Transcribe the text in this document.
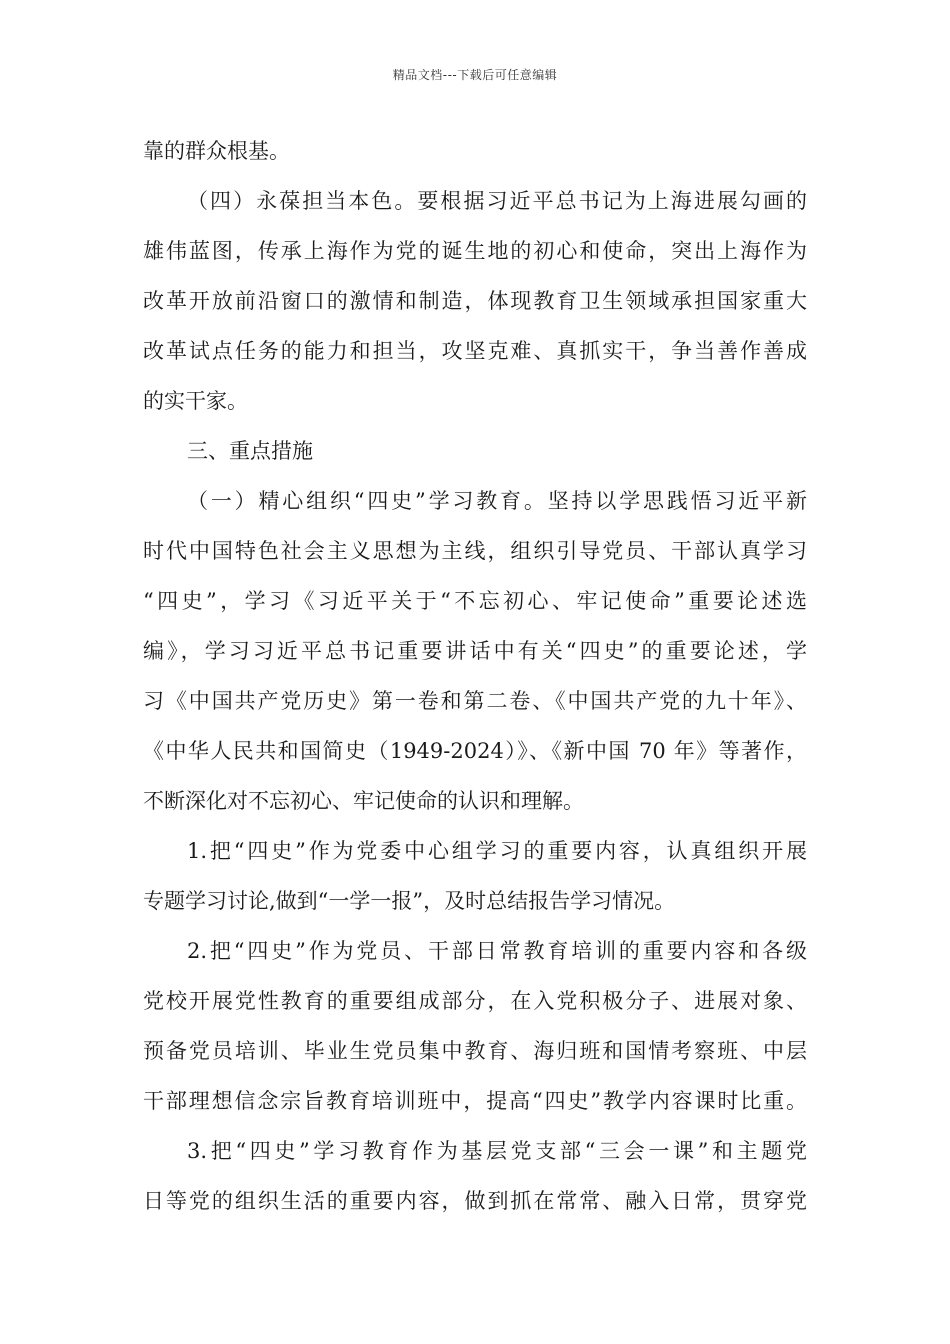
精品文档---下载后可任意编辑
靠的群众根基。
（四）永葆担当本色。要根据习近平总书记为上海进展勾画的
雄伟蓝图，传承上海作为党的诞生地的初心和使命，突出上海作为
改革开放前沿窗口的激情和制造，体现教育卫生领域承担国家重大
改革试点任务的能力和担当，攻坚克难、真抓实干，争当善作善成
的实干家。
三、重点措施
（一）精心组织“四史”学习教育。坚持以学思践悟习近平新
时代中国特色社会主义思想为主线，组织引导党员、干部认真学习
“四史”，学习《习近平关于“不忘初心、牢记使命”重要论述选
编》，学习习近平总书记重要讲话中有关“四史”的重要论述，学
习《中国共产党历史》第一卷和第二卷、《中国共产党的九十年》、
《中华人民共和国简史（1949-2024）》、《新中国 70 年》等著作，
不断深化对不忘初心、牢记使命的认识和理解。
1.把“四史”作为党委中心组学习的重要内容，认真组织开展
专题学习讨论,做到“一学一报”，及时总结报告学习情况。
2.把“四史”作为党员、干部日常教育培训的重要内容和各级
党校开展党性教育的重要组成部分，在入党积极分子、进展对象、
预备党员培训、毕业生党员集中教育、海归班和国情考察班、中层
干部理想信念宗旨教育培训班中，提高“四史”教学内容课时比重。
3.把“四史”学习教育作为基层党支部“三会一课”和主题党
日等党的组织生活的重要内容，做到抓在常常、融入日常，贯穿党
